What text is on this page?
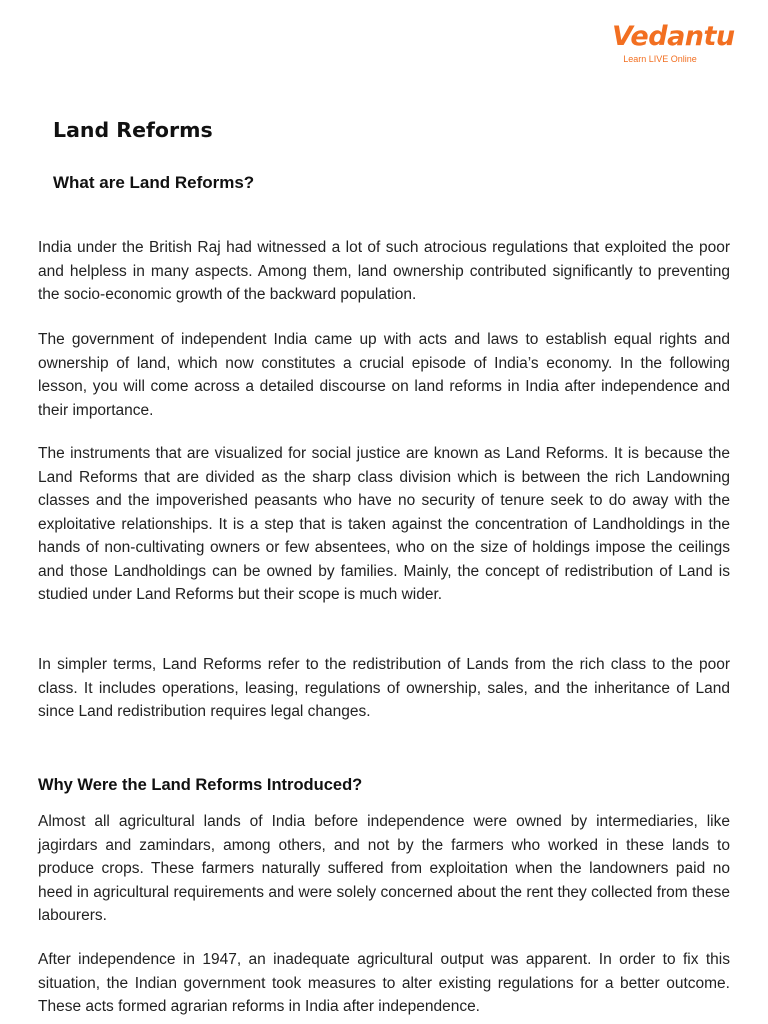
Vedantu
Learn LIVE Online
Land Reforms
What are Land Reforms?

India under the British Raj had witnessed a lot of such atrocious regulations that exploited the poor and helpless in many aspects. Among them, land ownership contributed significantly to preventing the socio-economic growth of the backward population.

The government of independent India came up with acts and laws to establish equal rights and ownership of land, which now constitutes a crucial episode of India’s economy. In the following lesson, you will come across a detailed discourse on land reforms in India after independence and their importance.

The instruments that are visualized for social justice are known as Land Reforms. It is because the Land Reforms that are divided as the sharp class division which is between the rich Landowning classes and the impoverished peasants who have no security of tenure seek to do away with the exploitative relationships. It is a step that is taken against the concentration of Landholdings in the hands of non-cultivating owners or few absentees, who on the size of holdings impose the ceilings and those Landholdings can be owned by families. Mainly, the concept of redistribution of Land is studied under Land Reforms but their scope is much wider.

In simpler terms, Land Reforms refer to the redistribution of Lands from the rich class to the poor class. It includes operations, leasing, regulations of ownership, sales, and the inheritance of Land since Land redistribution requires legal changes.

Why Were the Land Reforms Introduced?

Almost all agricultural lands of India before independence were owned by intermediaries, like jagirdars and zamindars, among others, and not by the farmers who worked in these lands to produce crops. These farmers naturally suffered from exploitation when the landowners paid no heed in agricultural requirements and were solely concerned about the rent they collected from these labourers.

After independence in 1947, an inadequate agricultural output was apparent. In order to fix this situation, the Indian government took measures to alter existing regulations for a better outcome. These acts formed agrarian reforms in India after independence.
